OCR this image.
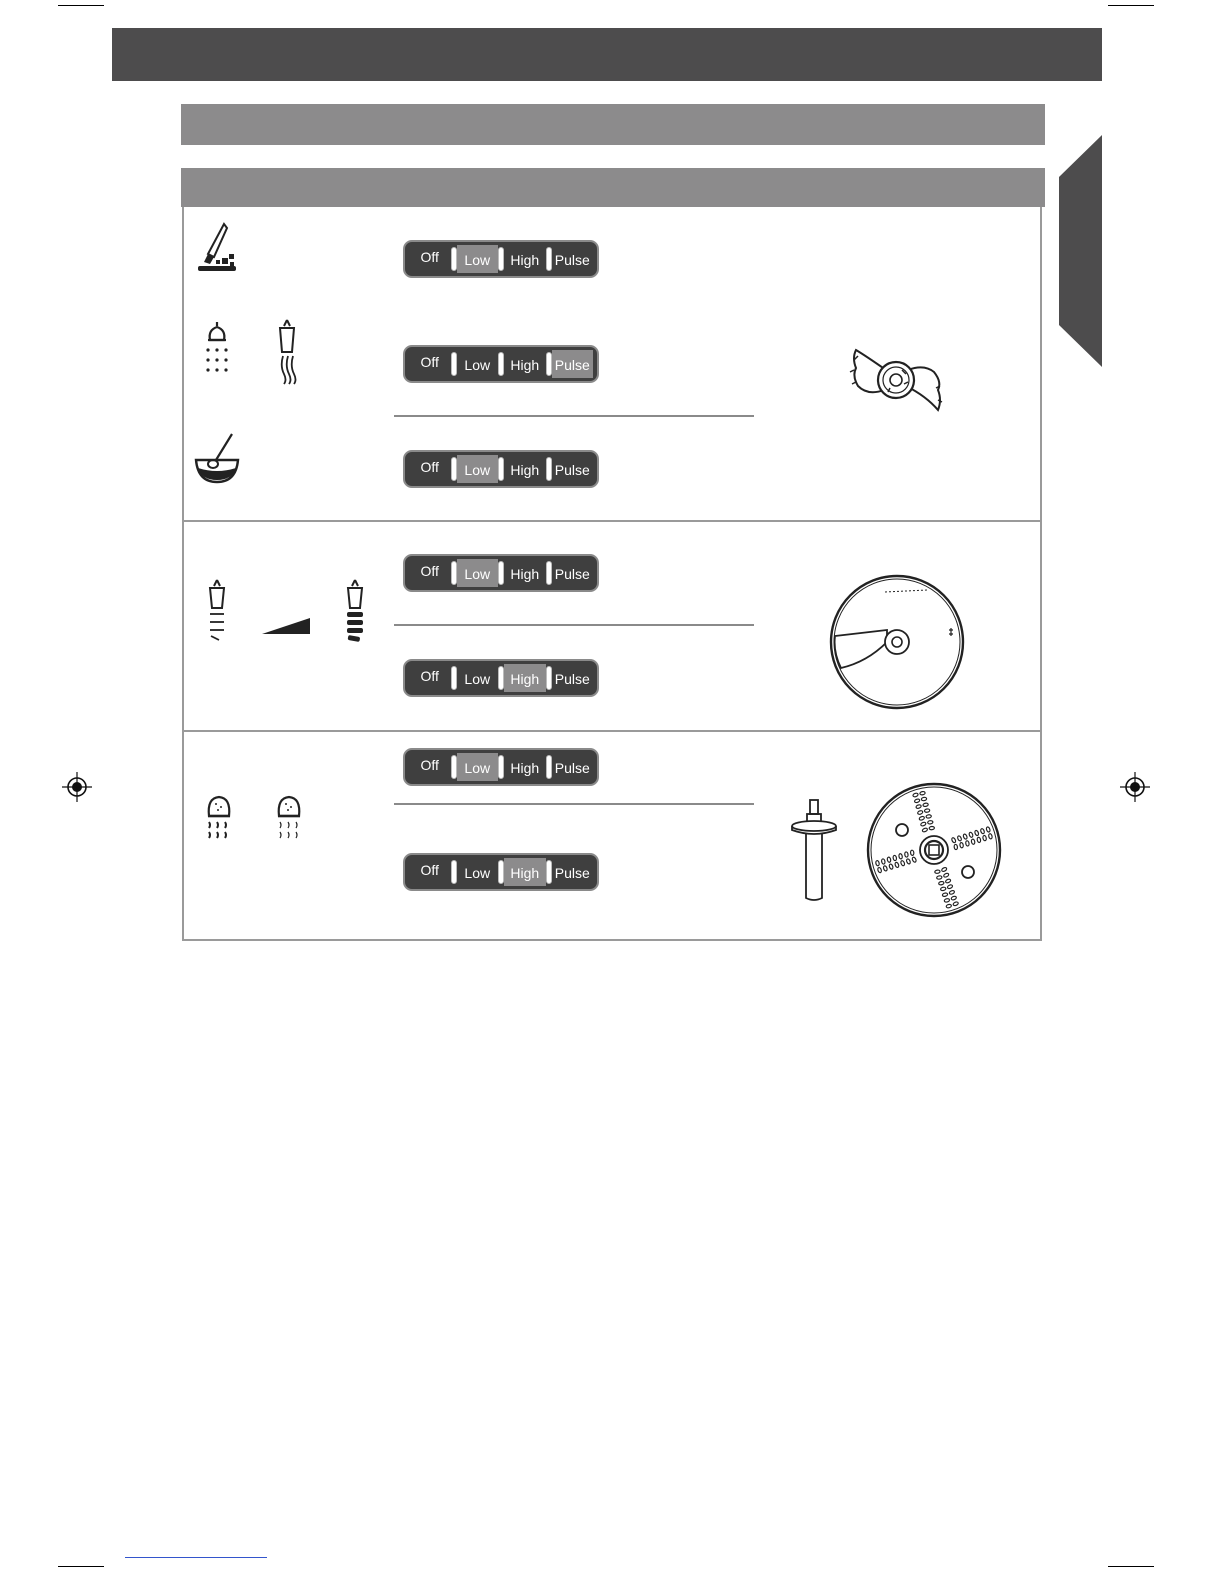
Off Low High Pulse
Off Low High Pulse
Off Low High Pulse
Off Low High Pulse
Off Low High Pulse
Off Low High Pulse
Off Low High Pulse
